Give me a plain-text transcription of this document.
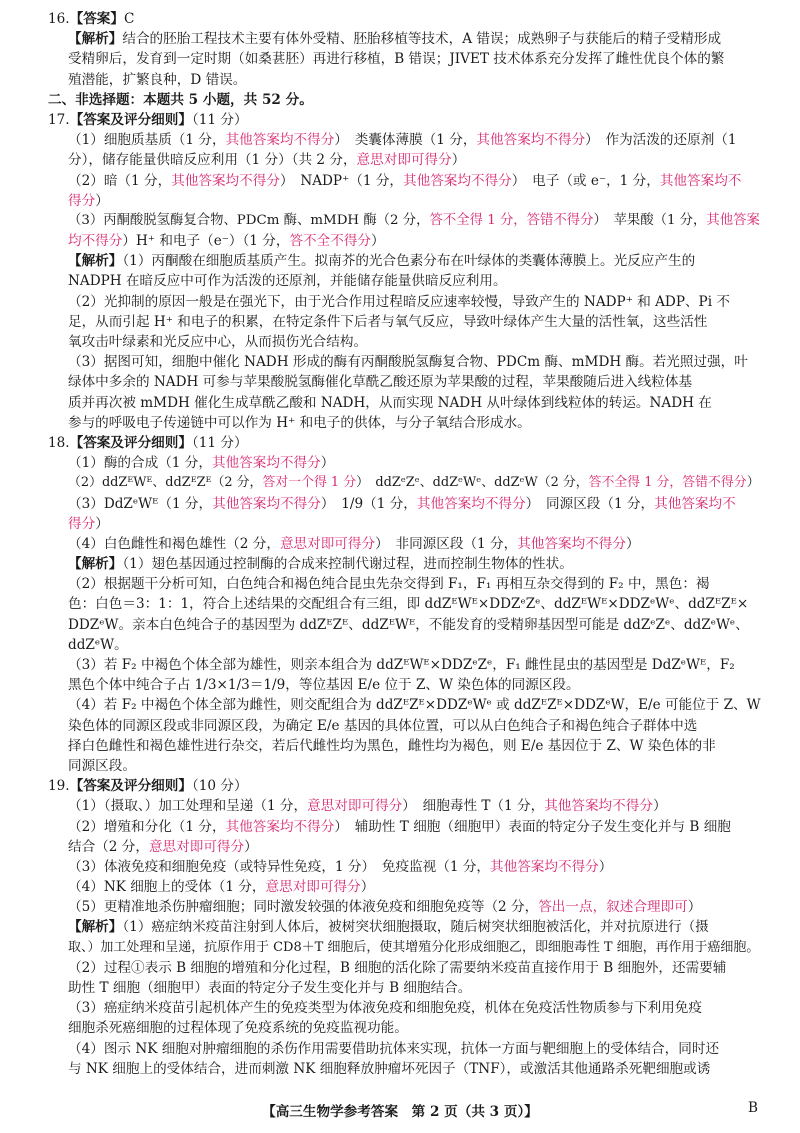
16.【答案】C
【解析】结合的胚胎工程技术主要有体外受精、胚胎移植等技术，A 错误；成熟卵子与获能后的精子受精形成
受精卵后，发育到一定时期（如桑葚胚）再进行移植，B 错误；JIVET 技术体系充分发挥了雌性优良个体的繁
殖潜能，扩繁良种，D 错误。
二、非选择题：本题共 5 小题，共 52 分。
17.【答案及评分细则】（11 分）
（1）细胞质基质（1 分，其他答案均不得分）　类囊体薄膜（1 分，其他答案均不得分）　作为活泼的还原剂（1
分），储存能量供暗反应利用（1 分）（共 2 分，意思对即可得分）
（2）暗（1 分，其他答案均不得分）　NADP⁺（1 分，其他答案均不得分）　电子（或 e⁻，1 分，其他答案均不
得分）
（3）丙酮酸脱氢酶复合物、PDCm 酶、mMDH 酶（2 分，答不全得 1 分，答错不得分）　苹果酸（1 分，其他答案
均不得分）H⁺ 和电子（e⁻）（1 分，答不全不得分）
【解析】（1）丙酮酸在细胞质基质产生。拟南芥的光合色素分布在叶绿体的类囊体薄膜上。光反应产生的
NADPH 在暗反应中可作为活泼的还原剂，并能储存能量供暗反应利用。
（2）光抑制的原因一般是在强光下，由于光合作用过程暗反应速率较慢，导致产生的 NADP⁺ 和 ADP、Pi 不
足，从而引起 H⁺ 和电子的积累，在特定条件下后者与氧气反应，导致叶绿体产生大量的活性氧，这些活性
氧攻击叶绿素和光反应中心，从而损伤光合结构。
（3）据图可知，细胞中催化 NADH 形成的酶有丙酮酸脱氢酶复合物、PDCm 酶、mMDH 酶。若光照过强，叶
绿体中多余的 NADH 可参与苹果酸脱氢酶催化草酰乙酸还原为苹果酸的过程，苹果酸随后进入线粒体基
质并再次被 mMDH 催化生成草酰乙酸和 NADH，从而实现 NADH 从叶绿体到线粒体的转运。NADH 在
参与的呼吸电子传递链中可以作为 H⁺ 和电子的供体，与分子氧结合形成水。
18.【答案及评分细则】（11 分）
（1）酶的合成（1 分，其他答案均不得分）
（2）ddZᴱWᴱ、ddZᴱZᴱ（2 分，答对一个得 1 分）　ddZᵉZᵉ、ddZᵉWᵉ、ddZᵉW（2 分，答不全得 1 分，答错不得分）
（3）DdZᵉWᴱ（1 分，其他答案均不得分）　1/9（1 分，其他答案均不得分）　同源区段（1 分，其他答案均不
得分）
（4）白色雌性和褐色雄性（2 分，意思对即可得分）　非同源区段（1 分，其他答案均不得分）
【解析】（1）翅色基因通过控制酶的合成来控制代谢过程，进而控制生物体的性状。
（2）根据题干分析可知，白色纯合和褐色纯合昆虫先杂交得到 F₁，F₁ 再相互杂交得到的 F₂ 中，黑色：褐
色：白色＝3：1：1，符合上述结果的交配组合有三组，即 ddZᴱWᴱ×DDZᵉZᵉ、ddZᴱWᴱ×DDZᵉWᵉ、ddZᴱZᴱ×
DDZᵉW。亲本白色纯合子的基因型为 ddZᴱZᴱ、ddZᴱWᴱ，不能发育的受精卵基因型可能是 ddZᵉZᵉ、ddZᵉWᵉ、
ddZᵉW。
（3）若 F₂ 中褐色个体全部为雄性，则亲本组合为 ddZᴱWᴱ×DDZᵉZᵉ，F₁ 雌性昆虫的基因型是 DdZᵉWᴱ，F₂
黑色个体中纯合子占 1/3×1/3＝1/9，等位基因 E/e 位于 Z、W 染色体的同源区段。
（4）若 F₂ 中褐色个体全部为雌性，则交配组合为 ddZᴱZᴱ×DDZᵉWᵉ 或 ddZᴱZᴱ×DDZᵉW，E/e 可能位于 Z、W
染色体的同源区段或非同源区段，为确定 E/e 基因的具体位置，可以从白色纯合子和褐色纯合子群体中选
择白色雌性和褐色雄性进行杂交，若后代雌性均为黑色，雌性均为褐色，则 E/e 基因位于 Z、W 染色体的非
同源区段。
19.【答案及评分细则】（10 分）
（1）（摄取、）加工处理和呈递（1 分，意思对即可得分）　细胞毒性 T（1 分，其他答案均不得分）
（2）增殖和分化（1 分，其他答案均不得分）　辅助性 T 细胞（细胞甲）表面的特定分子发生变化并与 B 细胞
结合（2 分，意思对即可得分）
（3）体液免疫和细胞免疫（或特异性免疫，1 分）　免疫监视（1 分，其他答案均不得分）
（4）NK 细胞上的受体（1 分，意思对即可得分）
（5）更精准地杀伤肿瘤细胞；同时激发较强的体液免疫和细胞免疫等（2 分，答出一点，叙述合理即可）
【解析】（1）癌症纳米疫苗注射到人体后，被树突状细胞摄取，随后树突状细胞被活化，并对抗原进行（摄
取、）加工处理和呈递，抗原作用于 CD8＋T 细胞后，使其增殖分化形成细胞乙，即细胞毒性 T 细胞，再作用于癌细胞。
（2）过程①表示 B 细胞的增殖和分化过程，B 细胞的活化除了需要纳米疫苗直接作用于 B 细胞外，还需要辅
助性 T 细胞（细胞甲）表面的特定分子发生变化并与 B 细胞结合。
（3）癌症纳米疫苗引起机体产生的免疫类型为体液免疫和细胞免疫，机体在免疫活性物质参与下利用免疫
细胞杀死癌细胞的过程体现了免疫系统的免疫监视功能。
（4）图示 NK 细胞对肿瘤细胞的杀伤作用需要借助抗体来实现，抗体一方面与靶细胞上的受体结合，同时还
与 NK 细胞上的受体结合，进而刺激 NK 细胞释放肿瘤坏死因子（TNF），或激活其他通路杀死靶细胞或诱
【高三生物学参考答案　第 2 页（共 3 页）】	B
